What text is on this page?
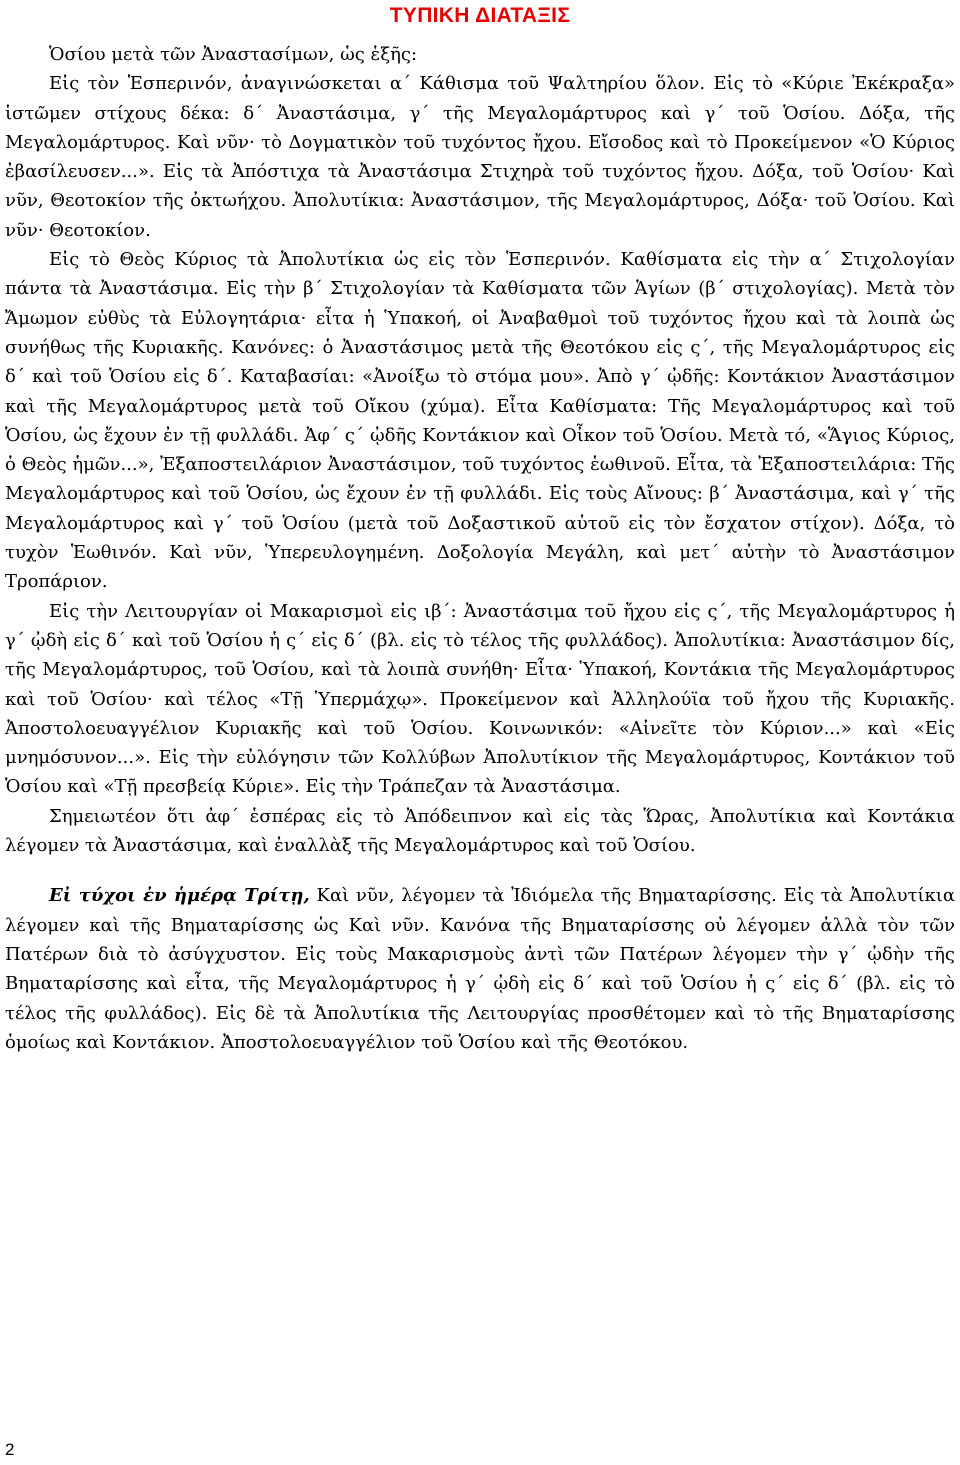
ΤΥΠΙΚΗ ΔΙΑΤΑΞΙΣ

Ὁσίου μετὰ τῶν Ἀναστασίμων, ὡς ἑξῆς:

Εἰς τὸν Ἑσπερινόν, ἀναγινώσκεται α΄ Κάθισμα τοῦ Ψαλτηρίου ὅλον. Εἰς τὸ «Κύριε Ἐκέκραξα» ἱστῶμεν στίχους δέκα: δ΄ Ἀναστάσιμα, γ΄ τῆς Μεγαλομάρτυρος καὶ γ΄ τοῦ Ὁσίου. Δόξα, τῆς Μεγαλομάρτυρος. Καὶ νῦν· τὸ Δογματικὸν τοῦ τυχόντος ἤχου. Εἴσοδος καὶ τὸ Προκείμενον «Ὁ Κύριος ἐβασίλευσεν...». Εἰς τὰ Ἀπόστιχα τὰ Ἀναστάσιμα Στιχηρὰ τοῦ τυχόντος ἤχου. Δόξα, τοῦ Ὁσίου· Καὶ νῦν, Θεοτοκίον τῆς ὀκτωήχου. Ἀπολυτίκια: Ἀναστάσιμον, τῆς Μεγαλομάρτυρος, Δόξα· τοῦ Ὁσίου. Καὶ νῦν· Θεοτοκίον.

Εἰς τὸ Θεὸς Κύριος τὰ Ἀπολυτίκια ὡς εἰς τὸν Ἑσπερινόν. Καθίσματα εἰς τὴν α΄ Στιχολογίαν πάντα τὰ Ἀναστάσιμα. Εἰς τὴν β΄ Στιχολογίαν τὰ Καθίσματα τῶν Ἁγίων (β΄ στιχολογίας). Μετὰ τὸν Ἄμωμον εὐθὺς τὰ Εὐλογητάρια· εἶτα ἡ Ὑπακοή, οἱ Ἀναβαθμοὶ τοῦ τυχόντος ἤχου καὶ τὰ λοιπὰ ὡς συνήθως τῆς Κυριακῆς. Κανόνες: ὁ Ἀναστάσιμος μετὰ τῆς Θεοτόκου εἰς ς΄, τῆς Μεγαλομάρτυρος εἰς δ΄ καὶ τοῦ Ὁσίου εἰς δ΄. Καταβασίαι: «Ἀνοίξω τὸ στόμα μου». Ἀπὸ γ΄ ᾠδῆς: Κοντάκιον Ἀναστάσιμον καὶ τῆς Μεγαλομάρτυρος μετὰ τοῦ Οἴκου (χύμα). Εἶτα Καθίσματα: Τῆς Μεγαλομάρτυρος καὶ τοῦ Ὁσίου, ὡς ἔχουν ἐν τῇ φυλλάδι. Ἀφ΄ ς΄ ᾠδῆς Κοντάκιον καὶ Οἶκον τοῦ Ὁσίου. Μετὰ τό, «Ἅγιος Κύριος, ὁ Θεὸς ἡμῶν...», Ἐξαποστειλάριον Ἀναστάσιμον, τοῦ τυχόντος ἑωθινοῦ. Εἶτα, τὰ Ἐξαποστειλάρια: Τῆς Μεγαλομάρτυρος καὶ τοῦ Ὁσίου, ὡς ἔχουν ἐν τῇ φυλλάδι. Εἰς τοὺς Αἴνους: β΄ Ἀναστάσιμα, καὶ γ΄ τῆς Μεγαλομάρτυρος καὶ γ΄ τοῦ Ὁσίου (μετὰ τοῦ Δοξαστικοῦ αὐτοῦ εἰς τὸν ἔσχατον στίχον). Δόξα, τὸ τυχὸν Ἑωθινόν. Καὶ νῦν, Ὑπερευλογημένη. Δοξολογία Μεγάλη, καὶ μετ΄ αὐτὴν τὸ Ἀναστάσιμον Τροπάριον.

Εἰς τὴν Λειτουργίαν οἱ Μακαρισμοὶ εἰς ιβ΄: Ἀναστάσιμα τοῦ ἤχου εἰς ς΄, τῆς Μεγαλομάρτυρος ἡ γ΄ ᾠδὴ εἰς δ΄ καὶ τοῦ Ὁσίου ἡ ς΄ εἰς δ΄ (βλ. εἰς τὸ τέλος τῆς φυλλάδος). Ἀπολυτίκια: Ἀναστάσιμον δίς, τῆς Μεγαλομάρτυρος, τοῦ Ὁσίου, καὶ τὰ λοιπὰ συνήθη· Εἶτα· Ὑπακοή, Κοντάκια τῆς Μεγαλομάρτυρος καὶ τοῦ Ὁσίου· καὶ τέλος «Τῇ Ὑπερμάχῳ». Προκείμενον καὶ Ἀλληλούϊα τοῦ ἤχου τῆς Κυριακῆς. Ἀποστολοευαγγέλιον Κυριακῆς καὶ τοῦ Ὁσίου. Κοινωνικόν: «Αἰνεῖτε τὸν Κύριον...» καὶ «Εἰς μνημόσυνον...». Εἰς τὴν εὐλόγησιν τῶν Κολλύβων Ἀπολυτίκιον τῆς Μεγαλομάρτυρος, Κοντάκιον τοῦ Ὁσίου καὶ «Τῇ πρεσβείᾳ Κύριε». Εἰς τὴν Τράπεζαν τὰ Ἀναστάσιμα.

Σημειωτέον ὅτι ἀφ΄ ἑσπέρας εἰς τὸ Ἀπόδειπνον καὶ εἰς τὰς Ὥρας, Ἀπολυτίκια καὶ Κοντάκια λέγομεν τὰ Ἀναστάσιμα, καὶ ἐναλλὰξ τῆς Μεγαλομάρτυρος καὶ τοῦ Ὁσίου.

Εἰ τύχοι ἐν ἡμέρᾳ Τρίτῃ, Καὶ νῦν, λέγομεν τὰ Ἰδιόμελα τῆς Βηματαρίσσης. Εἰς τὰ Ἀπολυτίκια λέγομεν καὶ τῆς Βηματαρίσσης ὡς Καὶ νῦν. Κανόνα τῆς Βηματαρίσσης οὐ λέγομεν ἀλλὰ τὸν τῶν Πατέρων διὰ τὸ ἀσύγχυστον. Εἰς τοὺς Μακαρισμοὺς ἀντὶ τῶν Πατέρων λέγομεν τὴν γ΄ ᾠδὴν τῆς Βηματαρίσσης καὶ εἶτα, τῆς Μεγαλομάρτυρος ἡ γ΄ ᾠδὴ εἰς δ΄ καὶ τοῦ Ὁσίου ἡ ς΄ εἰς δ΄ (βλ. εἰς τὸ τέλος τῆς φυλλάδος). Εἰς δὲ τὰ Ἀπολυτίκια τῆς Λειτουργίας προσθέτομεν καὶ τὸ τῆς Βηματαρίσσης ὁμοίως καὶ Κοντάκιον. Ἀποστολοευαγγέλιον τοῦ Ὁσίου καὶ τῆς Θεοτόκου.

2
